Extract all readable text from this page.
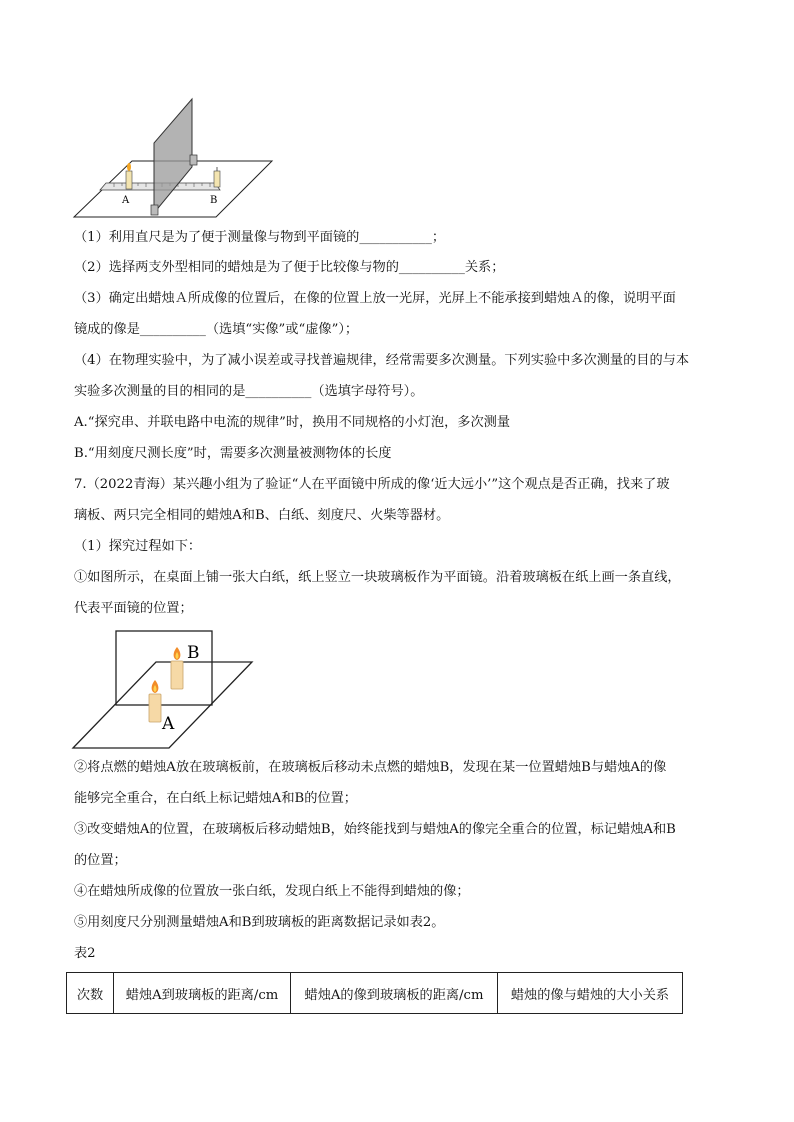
A	B
（1）利用直尺是为了便于测量像与物到平面镜的___________；
（2）选择两支外型相同的蜡烛是为了便于比较像与物的__________关系；
（3）确定出蜡烛Ａ所成像的位置后，在像的位置上放一光屏，光屏上不能承接到蜡烛Ａ的像，说明平面
镜成的像是__________（选填“实像”或“虚像”）；
（4）在物理实验中，为了减小误差或寻找普遍规律，经常需要多次测量。下列实验中多次测量的目的与本
实验多次测量的目的相同的是__________（选填字母符号）。
A.“探究串、并联电路中电流的规律”时，换用不同规格的小灯泡，多次测量
B.“用刻度尺测长度”时，需要多次测量被测物体的长度
7.（2022青海）某兴趣小组为了验证“人在平面镜中所成的像‘近大远小’”这个观点是否正确，找来了玻
璃板、两只完全相同的蜡烛A和B、白纸、刻度尺、火柴等器材。
（1）探究过程如下：
①如图所示，在桌面上铺一张大白纸，纸上竖立一块玻璃板作为平面镜。沿着玻璃板在纸上画一条直线，
代表平面镜的位置；
B
A
②将点燃的蜡烛A放在玻璃板前，在玻璃板后移动未点燃的蜡烛B，发现在某一位置蜡烛B与蜡烛A的像
能够完全重合，在白纸上标记蜡烛A和B的位置；
③改变蜡烛A的位置，在玻璃板后移动蜡烛B，始终能找到与蜡烛A的像完全重合的位置，标记蜡烛A和B
的位置；
④在蜡烛所成像的位置放一张白纸，发现白纸上不能得到蜡烛的像；
⑤用刻度尺分别测量蜡烛A和B到玻璃板的距离数据记录如表2。
表2
次数	蜡烛A到玻璃板的距离/cm	蜡烛A的像到玻璃板的距离/cm	蜡烛的像与蜡烛的大小关系
